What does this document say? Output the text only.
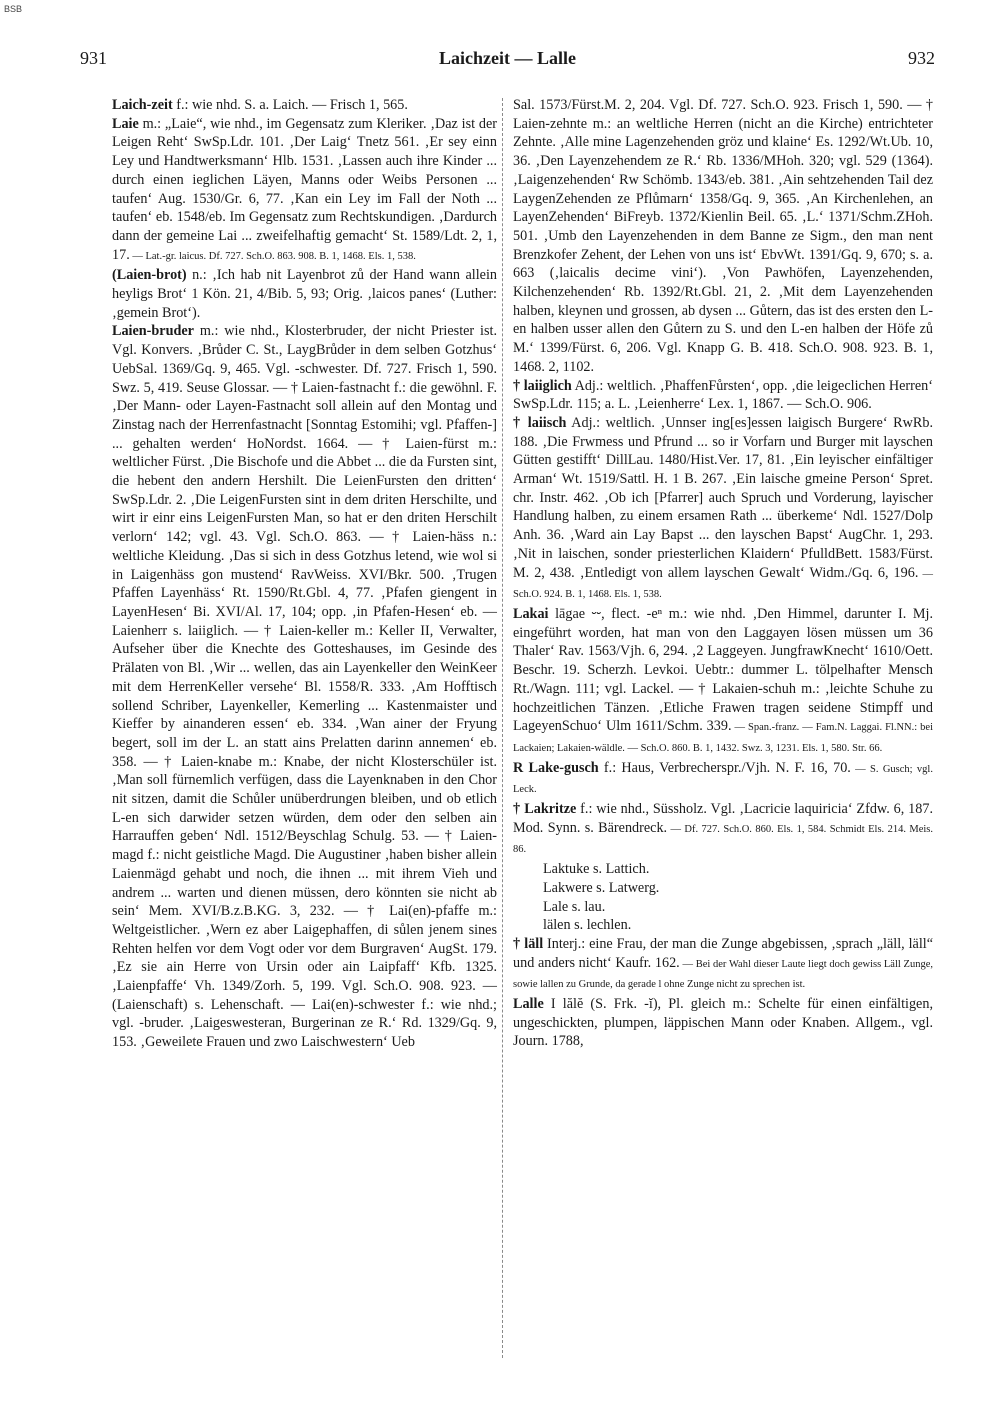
BSB
931	Laichzeit — Lalle	932

Laich-zeit f.: wie nhd. S. a. Laich. — Frisch 1, 565.

Laie m.: „Laie“, wie nhd., im Gegensatz zum Kleriker. ‚Daz ist der Leigen Reht‘ SwSp.Ldr. 101. ‚Der Laig‘ Tnetz 561. ‚Er sey einn Ley und Handtwerksmann‘ Hlb. 1531. ‚Lassen auch ihre Kinder ... durch einen ieglichen Läyen, Manns oder Weibs Personen ... taufen‘ Aug. 1530/Gr. 6, 77. ‚Kan ein Ley im Fall der Noth ... taufen‘ eb. 1548/eb. Im Gegensatz zum Rechtskundigen. ‚Dardurch dann der gemeine Lai ... zweifelhaftig gemacht‘ St. 1589/Ldt. 2, 1, 17. — Lat.-gr. laicus. Df. 727. Sch.O. 863. 908. B. 1, 1468. Els. 1, 538.

(Laien-brot) n.: ‚Ich hab nit Layenbrot zů der Hand wann allein heyligs Brot‘ 1 Kön. 21, 4/Bib. 5, 93; Orig. ‚laicos panes‘ (Luther: ‚gemein Brot‘).

Laien-bruder m.: wie nhd., Klosterbruder, der nicht Priester ist. Vgl. Konvers. ‚Brůder C. St., LaygBrůder in dem selben Gotzhus‘ UebSal. 1369/Gq. 9, 465. Vgl. -schwester. Df. 727. Frisch 1, 590. Swz. 5, 419. Seuse Glossar. — † Laien-fastnacht f.: die gewöhnl. F. ‚Der Mann- oder Layen-Fastnacht soll allein auf den Montag und Zinstag nach der Herrenfastnacht [Sonntag Estomihi; vgl. Pfaffen-] ... gehalten werden‘ HoNordst. 1664. — † Laien-fürst m.: weltlicher Fürst. ‚Die Bischofe und die Abbet ... die da Fursten sint, die hebent den andern Hershilt. Die LeienFursten den dritten‘ SwSp.Ldr. 2. ‚Die LeigenFursten sint in dem driten Herschilte, und wirt ir einr eins LeigenFursten Man, so hat er den driten Herschilt verlorn‘ 142; vgl. 43. Vgl. Sch.O. 863. — † Laien-häss n.: weltliche Kleidung. ‚Das si sich in dess Gotzhus letend, wie wol si in Laigenhäss gon mustend‘ RavWeiss. XVI/Bkr. 500. ‚Trugen Pfaffen Layenhäss‘ Rt. 1590/Rt.Gbl. 4, 77. ‚Pfafen giengent in LayenHesen‘ Bi. XVI/Al. 17, 104; opp. ‚in Pfafen-Hesen‘ eb. — Laienherr s. laiiglich. — † Laien-keller m.: Keller II, Verwalter, Aufseher über die Knechte des Gotteshauses, im Gesinde des Prälaten von Bl. ‚Wir ... wellen, das ain Layenkeller den WeinKeer mit dem HerrenKeller versehe‘ Bl. 1558/R. 333. ‚Am Hofftisch sollend Schriber, Layenkeller, Kemerling ... Kastenmaister und Kieffer by ainanderen essen‘ eb. 334. ‚Wan ainer der Fryung begert, soll im der L. an statt ains Prelatten darinn annemen‘ eb. 358. — † Laien-knabe m.: Knabe, der nicht Klosterschüler ist. ‚Man soll fürnemlich verfügen, dass die Layenknaben in den Chor nit sitzen, damit die Schůler unüberdrungen bleiben, und ob etlich L-en sich darwider setzen würden, dem oder den selben ain Harrauffen geben‘ Ndl. 1512/Beyschlag Schulg. 53. — † Laien-magd f.: nicht geistliche Magd. Die Augustiner ‚haben bisher allein Laienmägd gehabt und noch, die ihnen ... mit ihrem Vieh und andrem ... warten und dienen müssen, dero könnten sie nicht ab sein‘ Mem. XVI/B.z.B.KG. 3, 232. — † Lai(en)-pfaffe m.: Weltgeistlicher. ‚Wern ez aber Laigephaffen, di sůlen jenem sines Rehten helfen vor dem Vogt oder vor dem Burgraven‘ AugSt. 179. ‚Ez sie ain Herre von Ursin oder ain Laipfaff‘ Kfb. 1325. ‚Laienpfaffe‘ Vh. 1349/Zorh. 5, 199. Vgl. Sch.O. 908. 923. — (Laienschaft) s. Lehenschaft. — Lai(en)-schwester f.: wie nhd.; vgl. -bruder. ‚Laigeswesteran, Burgerinan ze R.‘ Rd. 1329/Gq. 9, 153. ‚Geweilete Frauen und zwo Laischwestern‘ Ueb

Sal. 1573/Fürst.M. 2, 204. Vgl. Df. 727. Sch.O. 923. Frisch 1, 590. — † Laien-zehnte m.: an weltliche Herren (nicht an die Kirche) entrichteter Zehnte. ‚Alle mine Lagenzehenden gröz und klaine‘ Es. 1292/Wt.Ub. 10, 36. ‚Den Layenzehendem ze R.‘ Rb. 1336/MHoh. 320; vgl. 529 (1364). ‚Laigenzehenden‘ Rw Schömb. 1343/eb. 381. ‚Ain sehtzehenden Tail dez LaygenZehenden ze Pflůmarn‘ 1358/Gq. 9, 365. ‚An Kirchenlehen, an LayenZehenden‘ BiFreyb. 1372/Kienlin Beil. 65. ‚L.‘ 1371/Schm.ZHoh. 501. ‚Umb den Layenzehenden in dem Banne ze Sigm., den man nent Brenzkofer Zehent, der Lehen von uns ist‘ EbvWt. 1391/Gq. 9, 670; s. a. 663 (‚laicalis decime vini‘). ‚Von Pawhöfen, Layenzehenden, Kilchenzehenden‘ Rb. 1392/Rt.Gbl. 21, 2. ‚Mit dem Layenzehenden halben, kleynen und grossen, ab dysen ... Gůtern, das ist des ersten den L-en halben usser allen den Gůtern zu S. und den L-en halben der Höfe zů M.‘ 1399/Fürst. 6, 206. Vgl. Knapp G. B. 418. Sch.O. 908. 923. B. 1, 1468. 2, 1102.

† laiiglich Adj.: weltlich. ‚PhaffenFůrsten‘, opp. ‚die leigeclichen Herren‘ SwSp.Ldr. 115; a. L. ‚Leienherre‘ Lex. 1, 1867. — Sch.O. 906.

† laiisch Adj.: weltlich. ‚Unnser ing[es]essen laigisch Burgere‘ RwRb. 188. ‚Die Frwmess und Pfrund ... so ir Vorfarn und Burger mit layschen Gütten gestifft‘ DillLau. 1480/Hist.Ver. 17, 81. ‚Ein leyischer einfältiger Arman‘ Wt. 1519/Sattl. H. 1 B. 267. ‚Ein laische gmeine Person‘ Spret. chr. Instr. 462. ‚Ob ich [Pfarrer] auch Spruch und Vorderung, layischer Handlung halben, zu einem ersamen Rath ... überkeme‘ Ndl. 1527/Dolp Anh. 36. ‚Ward ain Lay Bapst ... den layschen Bapst‘ AugChr. 1, 293. ‚Nit in laischen, sonder priesterlichen Klaidern‘ PfulldBett. 1583/Fürst. M. 2, 438. ‚Entledigt von allem layschen Gewalt‘ Widm./Gq. 6, 196. — Sch.O. 924. B. 1, 1468. Els. 1, 538.

Lakai lāgae ⏑⏑, flect. -eⁿ m.: wie nhd. ‚Den Himmel, darunter I. Mj. eingeführt worden, hat man von den Laggayen lösen müssen um 36 Thaler‘ Rav. 1563/Vjh. 6, 294. ‚2 Laggeyen. JungfrawKnecht‘ 1610/Oett. Beschr. 19. Scherzh. Levkoi. Uebtr.: dummer L. tölpelhafter Mensch Rt./Wagn. 111; vgl. Lackel. — † Lakaien-schuh m.: ‚leichte Schuhe zu hochzeitlichen Tänzen. ‚Etliche Frawen tragen seidene Stimpff und LageyenSchuo‘ Ulm 1611/Schm. 339. — Span.-franz. — Fam.N. Laggai. Fl.NN.: bei Lackaien; Lakaien-wäldle. — Sch.O. 860. B. 1, 1432. Swz. 3, 1231. Els. 1, 580. Str. 66.

R Lake-gusch f.: Haus, Verbrecherspr./Vjh. N. F. 16, 70. — S. Gusch; vgl. Leck.

† Lakritze f.: wie nhd., Süssholz. Vgl. ‚Lacricie laquiricia‘ Zfdw. 6, 187. Mod. Synn. s. Bärendreck. — Df. 727. Sch.O. 860. Els. 1, 584. Schmidt Els. 214. Meis. 86.

Laktuke s. Lattich.

Lakwere s. Latwerg.

Lale s. lau.

lälen s. lechlen.

† läll Interj.: eine Frau, der man die Zunge abgebissen, ‚sprach „läll, läll“ und anders nicht‘ Kaufr. 162. — Bei der Wahl dieser Laute liegt doch gewiss Läll Zunge, sowie lallen zu Grunde, da gerade l ohne Zunge nicht zu sprechen ist.

Lalle I lălĕ (S. Frk. -ĭ), Pl. gleich m.: Schelte für einen einfältigen, ungeschickten, plumpen, läppischen Mann oder Knaben. Allgem., vgl. Journ. 1788,
